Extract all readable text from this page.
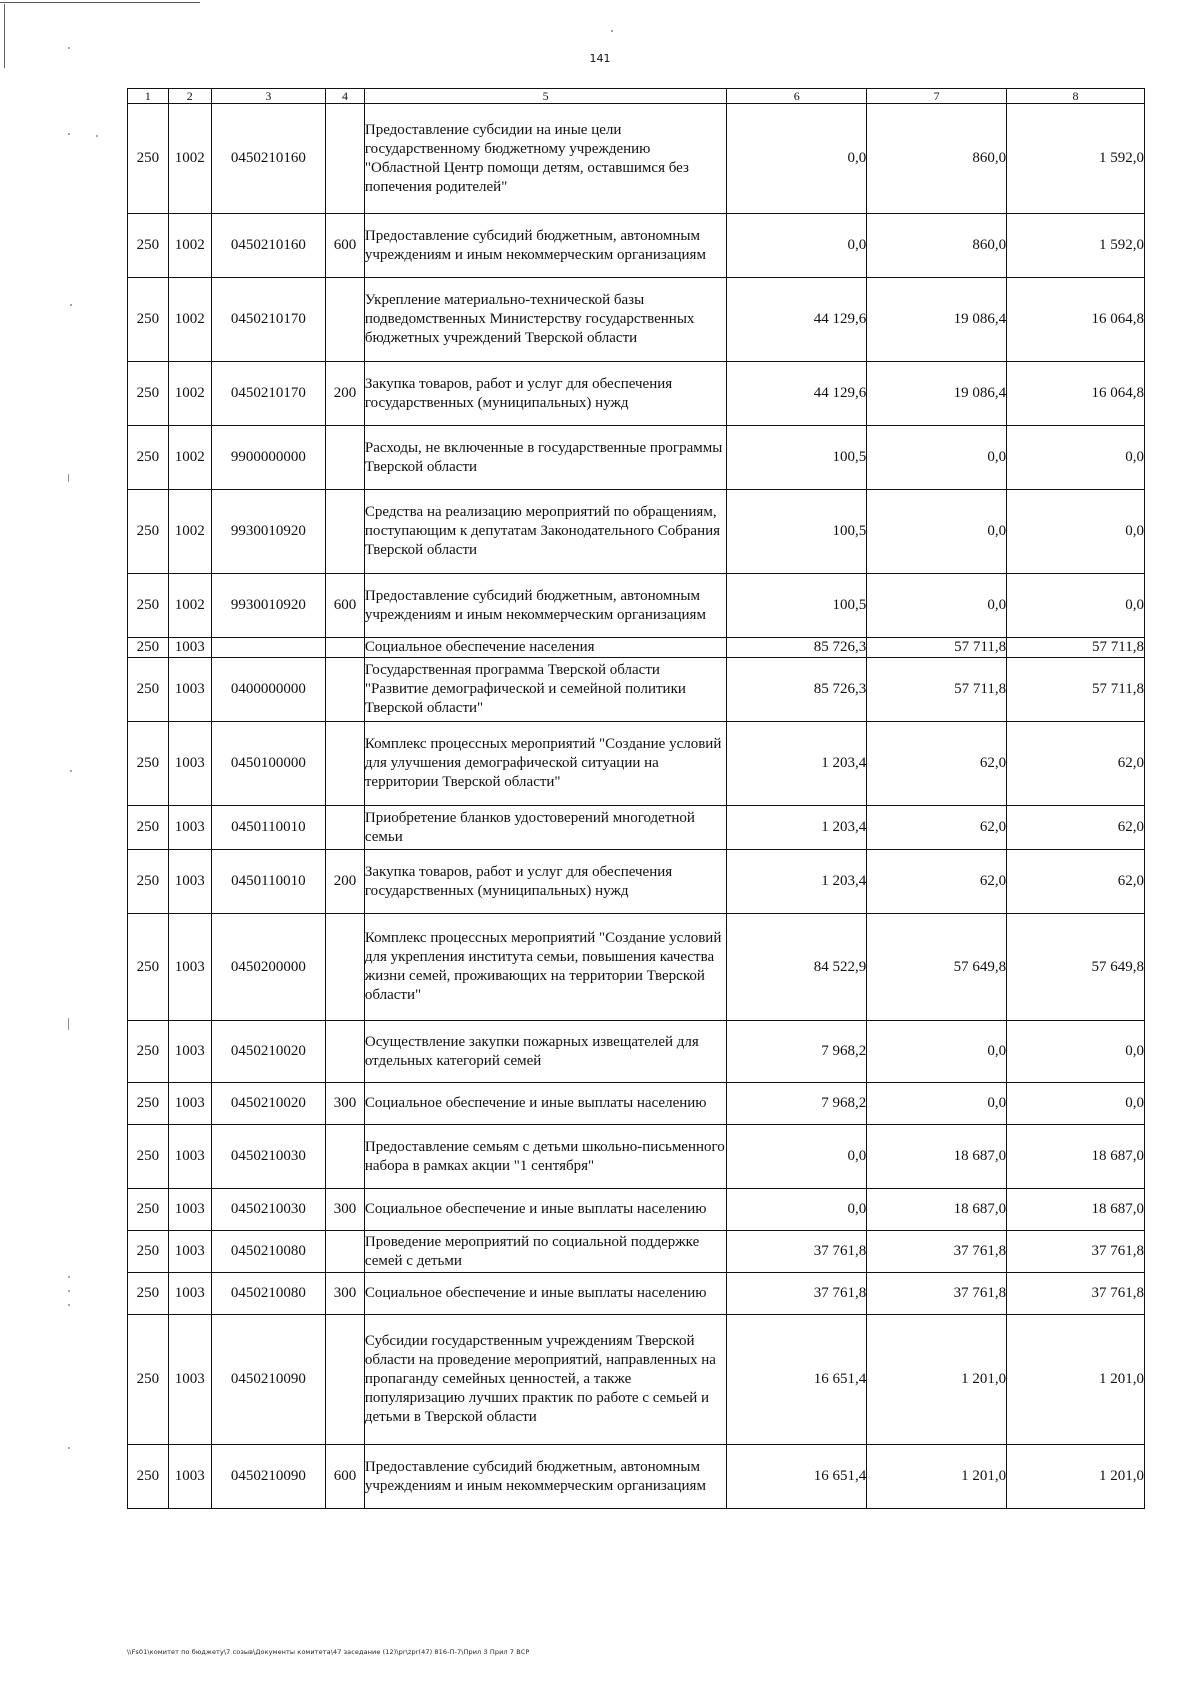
141
1	2	3	4	5	6	7	8
250	1002	0450210160		Предоставление субсидии на иные цели государственному бюджетному учреждению "Областной Центр помощи детям, оставшимся без попечения родителей"	0,0	860,0	1 592,0
250	1002	0450210160	600	Предоставление субсидий бюджетным, автономным учреждениям и иным некоммерческим организациям	0,0	860,0	1 592,0
250	1002	0450210170		Укрепление материально-технической базы подведомственных Министерству государственных бюджетных учреждений Тверской области	44 129,6	19 086,4	16 064,8
250	1002	0450210170	200	Закупка товаров, работ и услуг для обеспечения государственных (муниципальных) нужд	44 129,6	19 086,4	16 064,8
250	1002	9900000000		Расходы, не включенные в государственные программы Тверской области	100,5	0,0	0,0
250	1002	9930010920		Средства на реализацию мероприятий по обращениям, поступающим к депутатам Законодательного Собрания Тверской области	100,5	0,0	0,0
250	1002	9930010920	600	Предоставление субсидий бюджетным, автономным учреждениям и иным некоммерческим организациям	100,5	0,0	0,0
250	1003			Социальное обеспечение населения	85 726,3	57 711,8	57 711,8
250	1003	0400000000		Государственная программа Тверской области "Развитие демографической и семейной политики Тверской области"	85 726,3	57 711,8	57 711,8
250	1003	0450100000		Комплекс процессных мероприятий "Создание условий для улучшения демографической ситуации на территории Тверской области"	1 203,4	62,0	62,0
250	1003	0450110010		Приобретение бланков удостоверений многодетной семьи	1 203,4	62,0	62,0
250	1003	0450110010	200	Закупка товаров, работ и услуг для обеспечения государственных (муниципальных) нужд	1 203,4	62,0	62,0
250	1003	0450200000		Комплекс процессных мероприятий "Создание условий для укрепления института семьи, повышения качества жизни семей, проживающих на территории Тверской области"	84 522,9	57 649,8	57 649,8
250	1003	0450210020		Осуществление закупки пожарных извещателей для отдельных категорий семей	7 968,2	0,0	0,0
250	1003	0450210020	300	Социальное обеспечение и иные выплаты населению	7 968,2	0,0	0,0
250	1003	0450210030		Предоставление семьям с детьми школьно-письменного набора в рамках акции "1 сентября"	0,0	18 687,0	18 687,0
250	1003	0450210030	300	Социальное обеспечение и иные выплаты населению	0,0	18 687,0	18 687,0
250	1003	0450210080		Проведение мероприятий по социальной поддержке семей с детьми	37 761,8	37 761,8	37 761,8
250	1003	0450210080	300	Социальное обеспечение и иные выплаты населению	37 761,8	37 761,8	37 761,8
250	1003	0450210090		Субсидии государственным учреждениям Тверской области на проведение мероприятий, направленных на пропаганду семейных ценностей, а также популяризацию лучших практик по работе с семьей и детьми в Тверской области	16 651,4	1 201,0	1 201,0
250	1003	0450210090	600	Предоставление субсидий бюджетным, автономным учреждениям и иным некоммерческим организациям	16 651,4	1 201,0	1 201,0
\\Fs01\комитет по бюджету\7 созыв\Документы комитета\47 заседание (12)\pr\zpr(47) 816-П-7\Прил 3 Прил 7 ВСР
